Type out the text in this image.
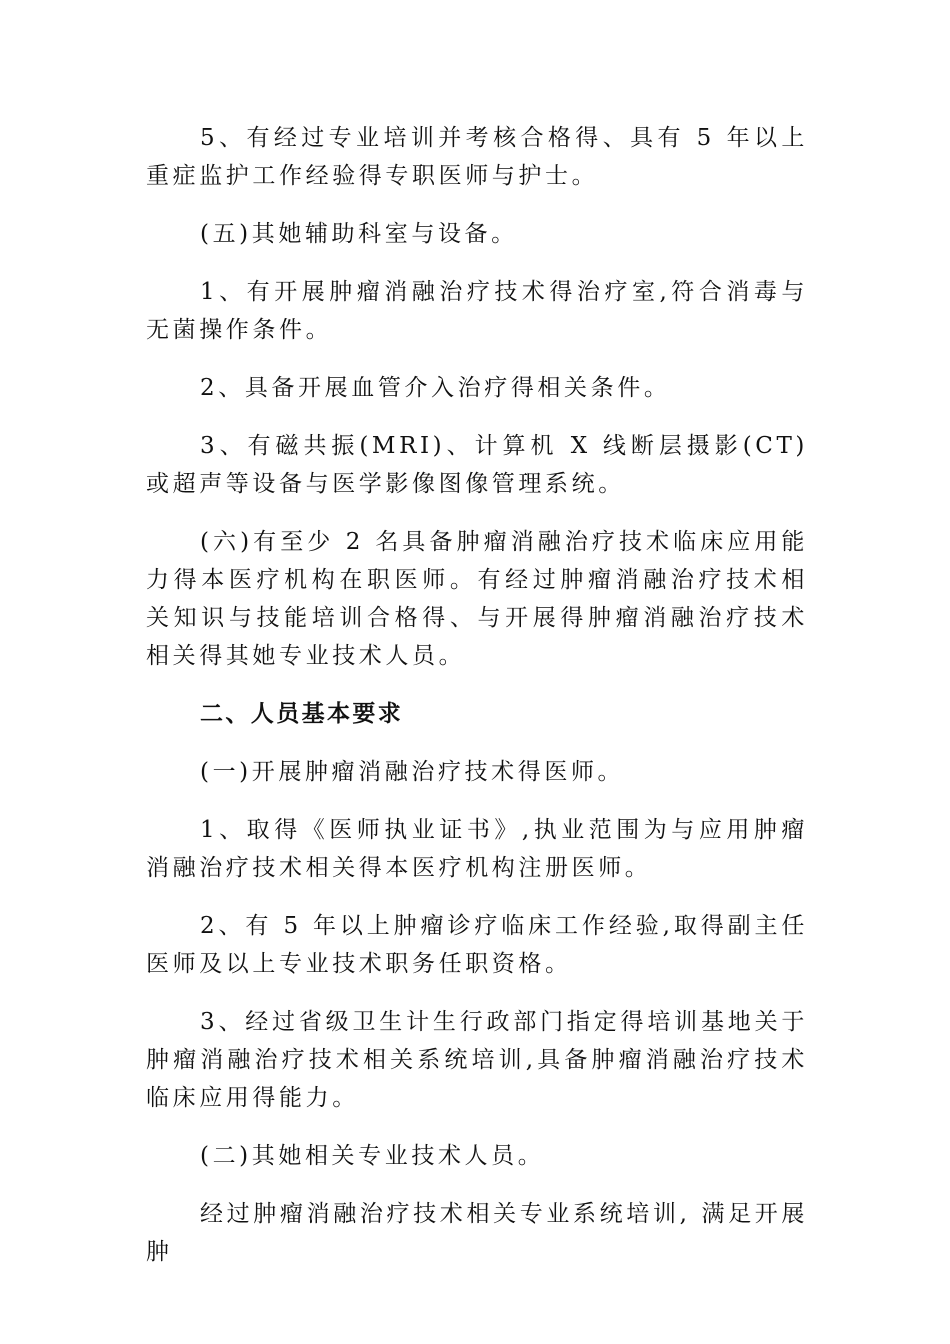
5、有经过专业培训并考核合格得、具有 5 年以上重症监护工作经验得专职医师与护士。

(五)其她辅助科室与设备。

1、有开展肿瘤消融治疗技术得治疗室,符合消毒与无菌操作条件。

2、具备开展血管介入治疗得相关条件。

3、有磁共振(MRI)、计算机 X 线断层摄影(CT)或超声等设备与医学影像图像管理系统。

(六)有至少 2 名具备肿瘤消融治疗技术临床应用能力得本医疗机构在职医师。有经过肿瘤消融治疗技术相关知识与技能培训合格得、与开展得肿瘤消融治疗技术相关得其她专业技术人员。

二、人员基本要求

(一)开展肿瘤消融治疗技术得医师。

1、取得《医师执业证书》,执业范围为与应用肿瘤消融治疗技术相关得本医疗机构注册医师。

2、有 5 年以上肿瘤诊疗临床工作经验,取得副主任医师及以上专业技术职务任职资格。

3、经过省级卫生计生行政部门指定得培训基地关于肿瘤消融治疗技术相关系统培训,具备肿瘤消融治疗技术临床应用得能力。

(二)其她相关专业技术人员。

经过肿瘤消融治疗技术相关专业系统培训, 满足开展肿
